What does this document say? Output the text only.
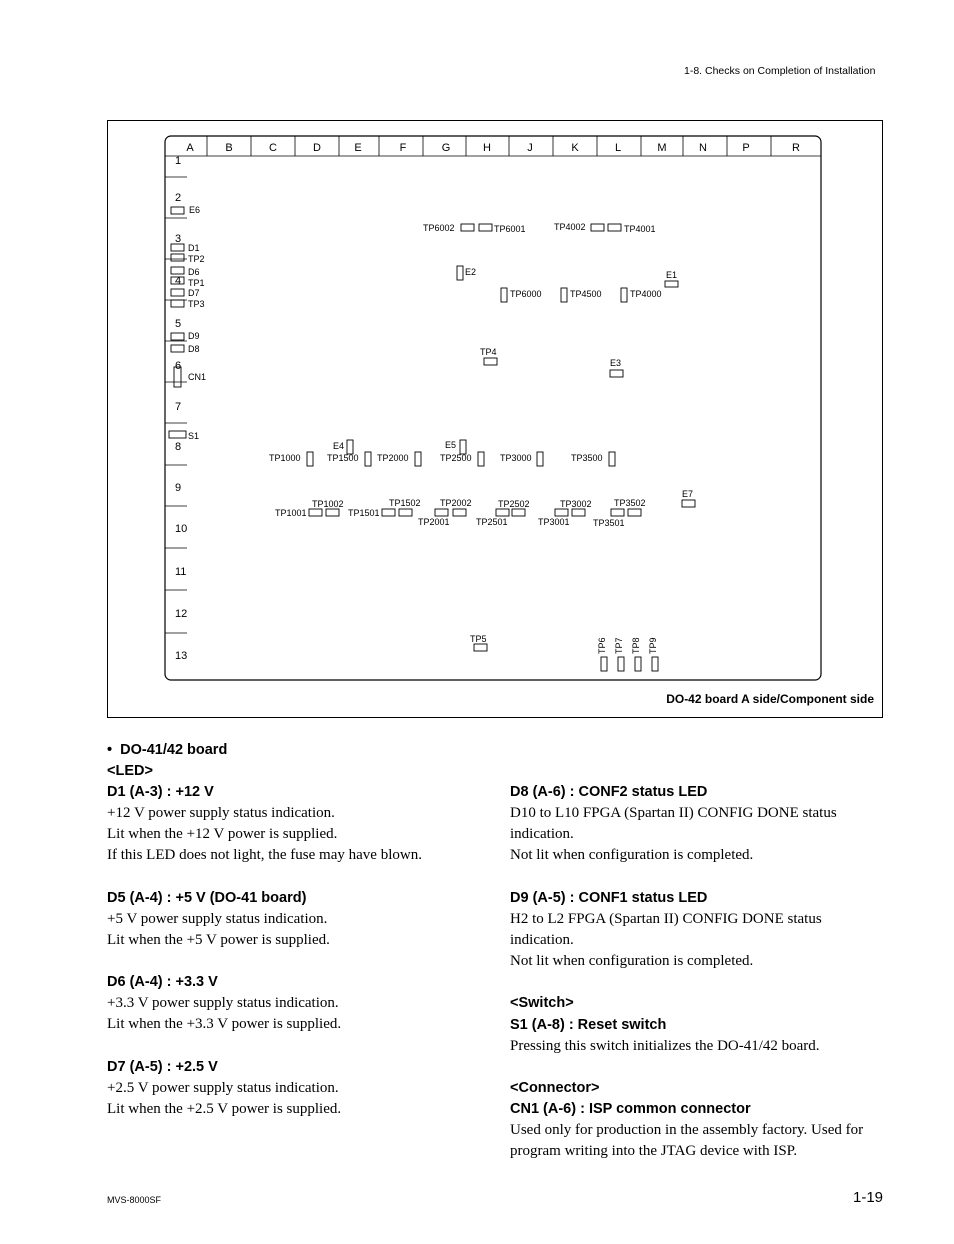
1-8. Checks on Completion of Installation
A	B	C	D	E	F	G	H	J	K	L	M	N	P	R
1
2
3
4
5
6
7
8
9
10
11
12
13
E6
D1
TP2
D6
TP1
D7
TP3
D9
D8
CN1
S1
TP6002	TP6001	TP4002	TP4001
E2	E1
TP6000	TP4500	TP4000
TP4
E3
E4	E5
TP1000	TP1500 TP2000	TP2500	TP3000	TP3500
E7
TP1002
TP1001	TP1501
TP1502 TP2002
TP2001
TP2502
TP2501
TP3002
TP3001
TP3502
TP3501
TP5	TP6 TP7 TP8 TP9
DO-42 board A side/Component side
•  DO-41/42 board
<LED>
D1 (A-3) : +12 V
+12 V power supply status indication.
Lit when the +12 V power is supplied.
If this LED does not light, the fuse may have blown.
D5 (A-4) : +5 V (DO-41 board)
+5 V power supply status indication.
Lit when the +5 V power is supplied.
D6 (A-4) : +3.3 V
+3.3 V power supply status indication.
Lit when the +3.3 V power is supplied.
D7 (A-5) : +2.5 V
+2.5 V power supply status indication.
Lit when the +2.5 V power is supplied.
D8 (A-6) : CONF2 status LED
D10 to L10 FPGA (Spartan II) CONFIG DONE status
indication.
Not lit when configuration is completed.
D9 (A-5) : CONF1 status LED
H2 to L2 FPGA (Spartan II) CONFIG DONE status
indication.
Not lit when configuration is completed.
<Switch>
S1 (A-8) : Reset switch
Pressing this switch initializes the DO-41/42 board.
<Connector>
CN1 (A-6) : ISP common connector
Used only for production in the assembly factory. Used for
program writing into the JTAG device with ISP.
MVS-8000SF	1-19
